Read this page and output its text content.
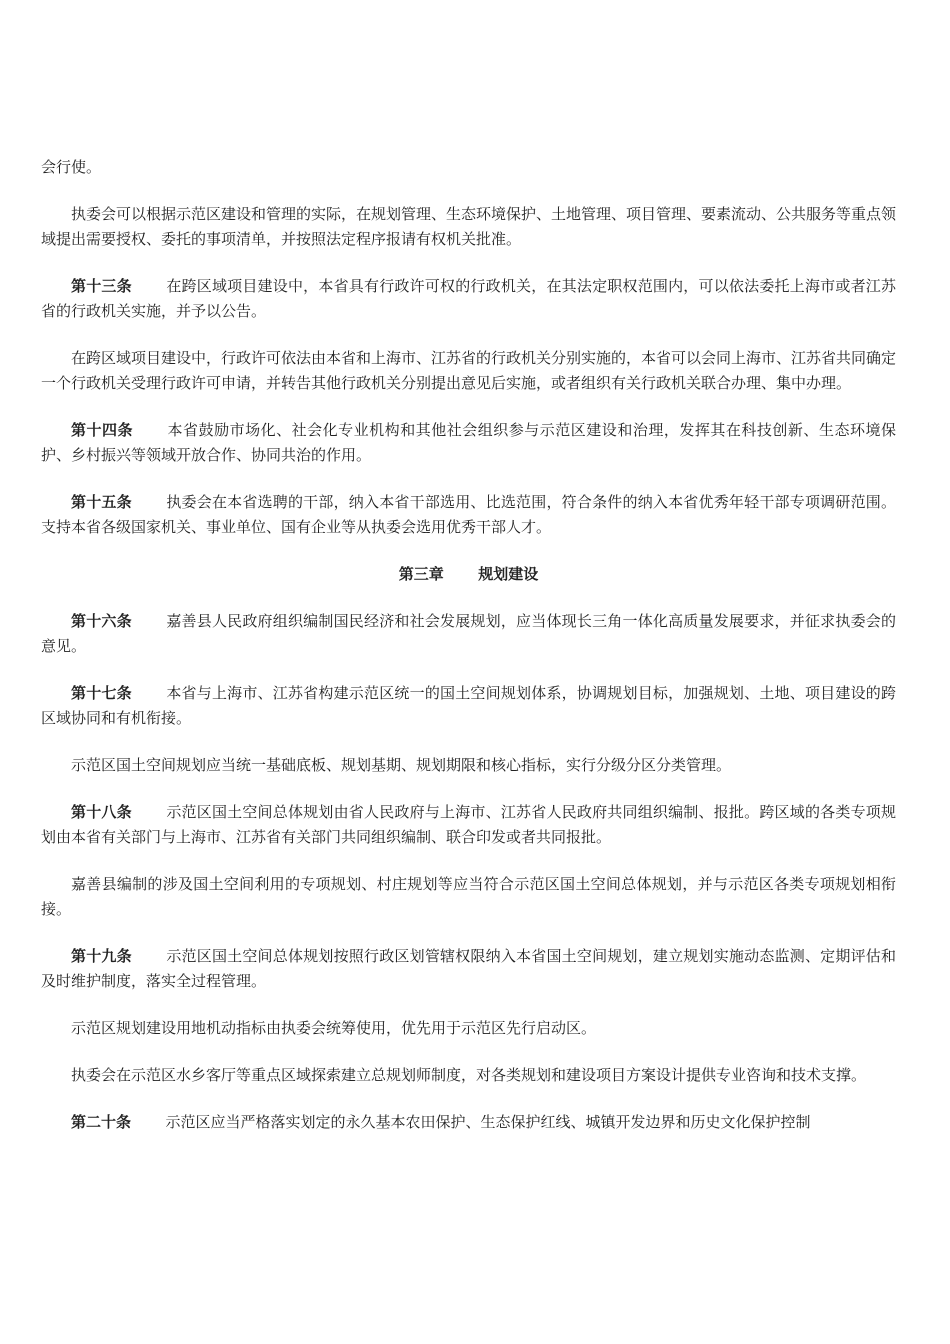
会行使。

执委会可以根据示范区建设和管理的实际，在规划管理、生态环境保护、土地管理、项目管理、要素流动、公共服务等重点领域提出需要授权、委托的事项清单，并按照法定程序报请有权机关批准。

第十三条 在跨区域项目建设中，本省具有行政许可权的行政机关，在其法定职权范围内，可以依法委托上海市或者江苏省的行政机关实施，并予以公告。

在跨区域项目建设中，行政许可依法由本省和上海市、江苏省的行政机关分别实施的，本省可以会同上海市、江苏省共同确定一个行政机关受理行政许可申请，并转告其他行政机关分别提出意见后实施，或者组织有关行政机关联合办理、集中办理。

第十四条 本省鼓励市场化、社会化专业机构和其他社会组织参与示范区建设和治理，发挥其在科技创新、生态环境保护、乡村振兴等领域开放合作、协同共治的作用。

第十五条 执委会在本省选聘的干部，纳入本省干部选用、比选范围，符合条件的纳入本省优秀年轻干部专项调研范围。支持本省各级国家机关、事业单位、国有企业等从执委会选用优秀干部人才。

第三章 规划建设

第十六条 嘉善县人民政府组织编制国民经济和社会发展规划，应当体现长三角一体化高质量发展要求，并征求执委会的意见。

第十七条 本省与上海市、江苏省构建示范区统一的国土空间规划体系，协调规划目标，加强规划、土地、项目建设的跨区域协同和有机衔接。

示范区国土空间规划应当统一基础底板、规划基期、规划期限和核心指标，实行分级分区分类管理。

第十八条 示范区国土空间总体规划由省人民政府与上海市、江苏省人民政府共同组织编制、报批。跨区域的各类专项规划由本省有关部门与上海市、江苏省有关部门共同组织编制、联合印发或者共同报批。

嘉善县编制的涉及国土空间利用的专项规划、村庄规划等应当符合示范区国土空间总体规划，并与示范区各类专项规划相衔接。

第十九条 示范区国土空间总体规划按照行政区划管辖权限纳入本省国土空间规划，建立规划实施动态监测、定期评估和及时维护制度，落实全过程管理。

示范区规划建设用地机动指标由执委会统筹使用，优先用于示范区先行启动区。

执委会在示范区水乡客厅等重点区域探索建立总规划师制度，对各类规划和建设项目方案设计提供专业咨询和技术支撑。

第二十条 示范区应当严格落实划定的永久基本农田保护、生态保护红线、城镇开发边界和历史文化保护控制
